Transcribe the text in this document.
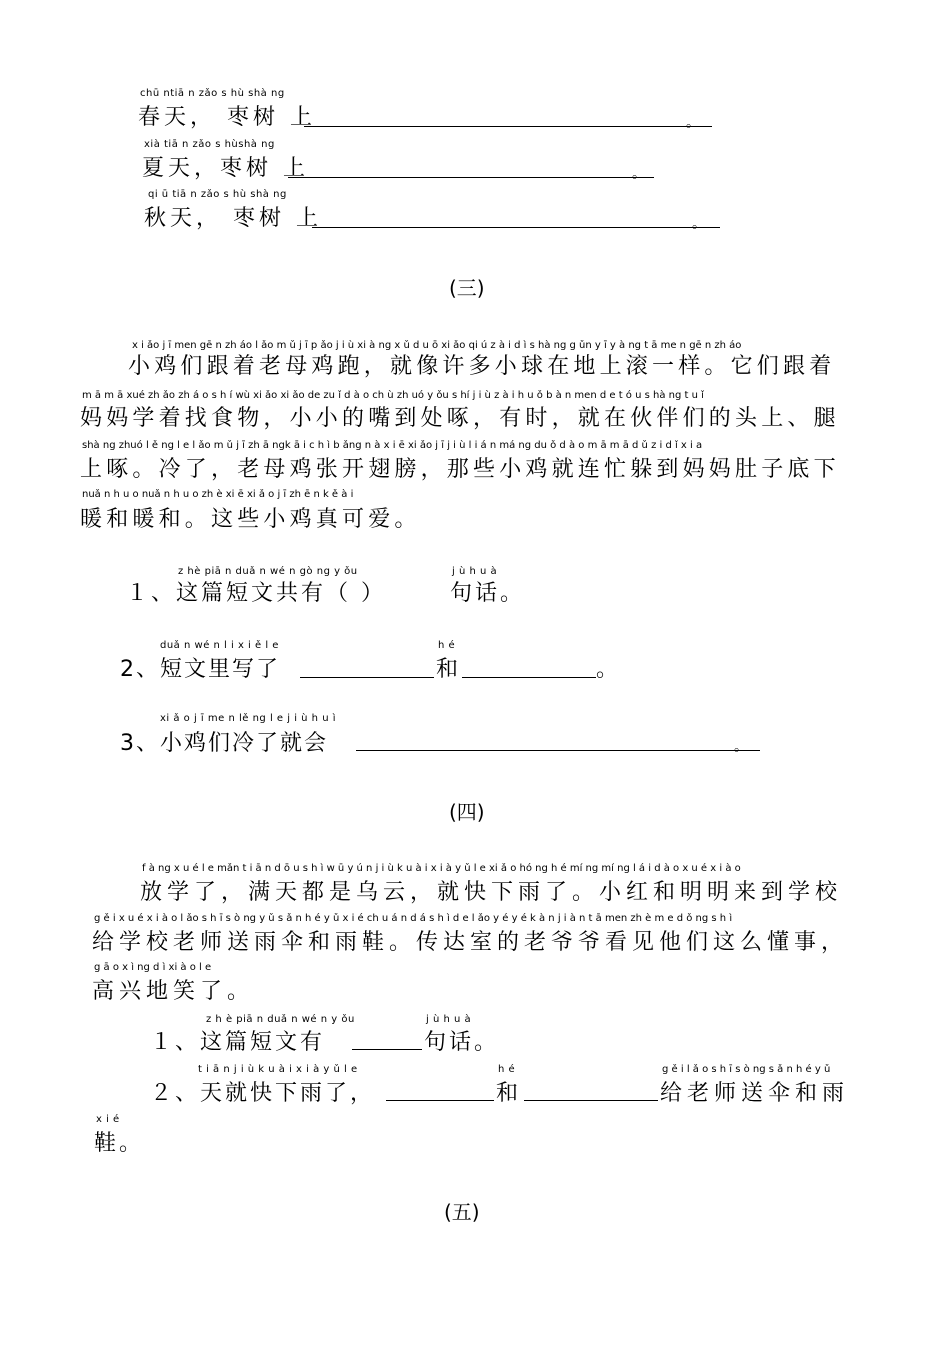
chū ntiā n zǎo s hù shà ng
春天， 枣树 上	。
xià tiā n zǎo s hùshà ng
夏天，枣树 上	。
qi ū tiā n zǎo s hù shà ng
秋天， 枣树 上	。
(三)
x i ǎo j ī men gē n zh áo l ǎo m ǔ j ī p ǎo j i ù xi à ng x ǔ d u ō xi ǎo qi ú z à i d ì s hà ng g ǔn y ī y à ng t ā me n gē n zh áo
小鸡们跟着老母鸡跑，就像许多小球在地上滚一样。它们跟着
m ā m ā xué zh ǎo zh á o s h í wù xi ǎo xi ǎo de zu ǐ d à o ch ù zh uó y ǒu s hí j i ù z à i h u ǒ b à n men d e t ó u s hà ng t u ǐ
妈妈学着找食物，小小的嘴到处啄，有时，就在伙伴们的头上、腿
shà ng zhuó l ě ng l e l ǎo m ǔ j ī zh ā ngk ā i c h ì b ǎng n à x i ē xi ǎo j ī j i ù l i á n má ng du ǒ d à o m ā m ā d ǔ z i d ǐ x i a
上啄。冷了，老母鸡张开翅膀，那些小鸡就连忙躲到妈妈肚子底下
nuǎ n h u o nuǎ n h u o zh è xi ē xi ǎ o j ī zh ē n k ě à i
暖和暖和。这些小鸡真可爱。
z hè piā n duǎ n wé n gò ng y ǒu	j ù h u à
１、这篇短文共有（ ）	句话。
duǎ n wé n l i x i ě l e	h é
2、短文里写了	和	。
xi ǎ o j ī me n lě ng l e j i ù h u ì
3、小鸡们冷了就会	。
(四)
f à ng x u é l e mǎn t i ā n d ō u s h ì w ū y ú n j i ù k u à i x i à y ǔ l e xi ǎ o hó ng h é mí ng mí ng l á i d à o x u é x i à o
放学了，满天都是乌云，就快下雨了。小红和明明来到学校
g ě i x u é x i à o l ǎo s h ī s ò ng y ǔ s ǎ n h é y ǔ x i é ch u á n d á s h ì d e l ǎo y é y é k à n j i à n t ā men zh è m e d ǒ ng s h ì
给学校老师送雨伞和雨鞋。传达室的老爷爷看见他们这么懂事，
g ā o x ì ng d ì xi à o l e
高兴地笑了。
z h è piā n duǎ n wé n y ǒu	j ù h u à
１、这篇短文有	句话。
t i ā n j i ù k u à i x i à y ǔ l e	h é	g ě i l ǎ o s h ī s ò ng s ǎ n h é y ǔ
２、天就快下雨了，	和	给老师送伞和雨
x i é
鞋。
(五)
